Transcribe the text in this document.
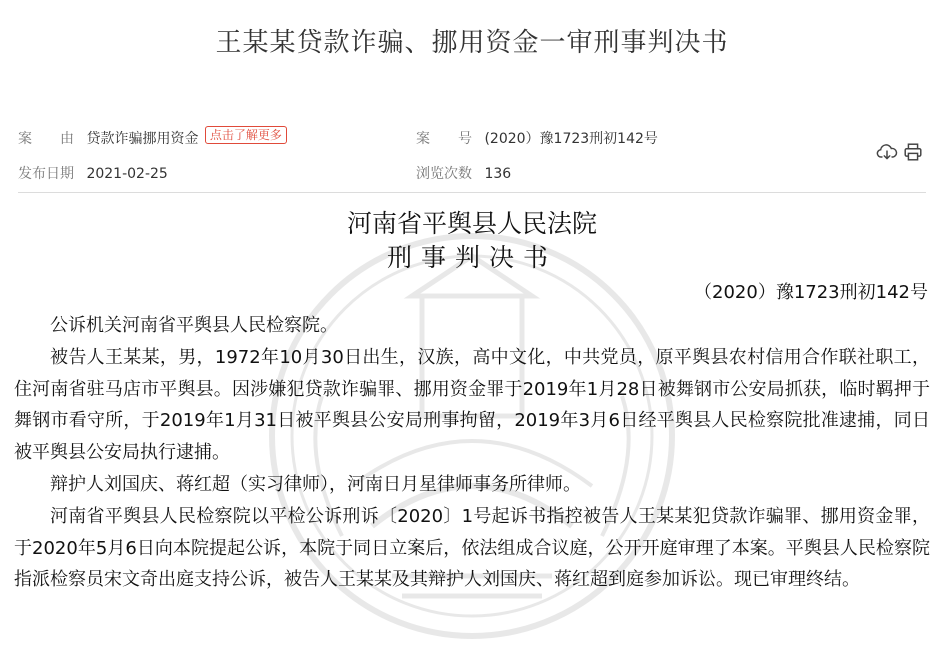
王某某贷款诈骗、挪用资金一审刑事判决书
案　　由 贷款诈骗挪用资金 点击了解更多	案　　号 (2020）豫1723刑初142号
发布日期 2021-02-25	浏览次数 136
河南省平舆县人民法院
刑事判决书
（2020）豫1723刑初142号

公诉机关河南省平舆县人民检察院。

被告人王某某，男，1972年10月30日出生，汉族，高中文化，中共党员，原平舆县农村信用合作联社职工，住河南省驻马店市平舆县。因涉嫌犯贷款诈骗罪、挪用资金罪于2019年1月28日被舞钢市公安局抓获，临时羁押于舞钢市看守所，于2019年1月31日被平舆县公安局刑事拘留，2019年3月6日经平舆县人民检察院批准逮捕，同日被平舆县公安局执行逮捕。

辩护人刘国庆、蒋红超（实习律师），河南日月星律师事务所律师。

河南省平舆县人民检察院以平检公诉刑诉〔2020〕1号起诉书指控被告人王某某犯贷款诈骗罪、挪用资金罪，于2020年5月6日向本院提起公诉，本院于同日立案后，依法组成合议庭，公开开庭审理了本案。平舆县人民检察院指派检察员宋文奇出庭支持公诉，被告人王某某及其辩护人刘国庆、蒋红超到庭参加诉讼。现已审理终结。
